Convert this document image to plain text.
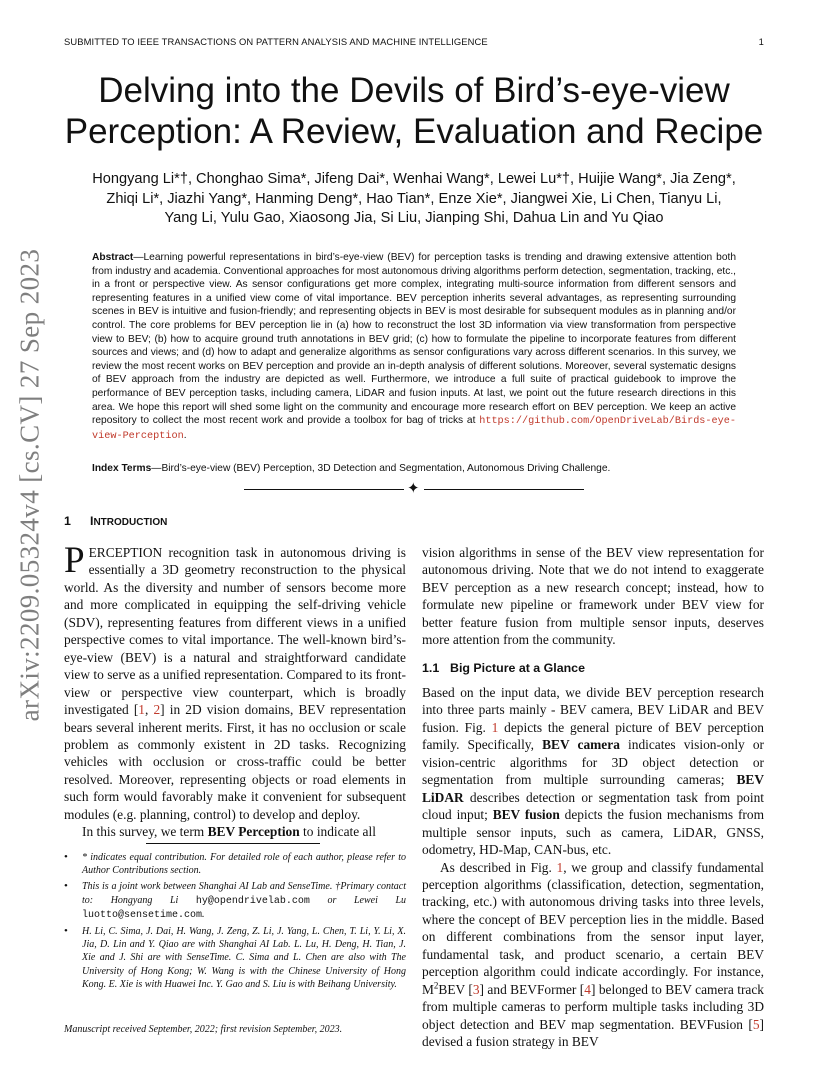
SUBMITTED TO IEEE TRANSACTIONS ON PATTERN ANALYSIS AND MACHINE INTELLIGENCE	1
arXiv:2209.05324v4 [cs.CV] 27 Sep 2023
Delving into the Devils of Bird’s-eye-view
Perception: A Review, Evaluation and Recipe
Hongyang Li*†, Chonghao Sima*, Jifeng Dai*, Wenhai Wang*, Lewei Lu*†, Huijie Wang*, Jia Zeng*,
Zhiqi Li*, Jiazhi Yang*, Hanming Deng*, Hao Tian*, Enze Xie*, Jiangwei Xie, Li Chen, Tianyu Li,
Yang Li, Yulu Gao, Xiaosong Jia, Si Liu, Jianping Shi, Dahua Lin and Yu Qiao
Abstract—Learning powerful representations in bird’s-eye-view (BEV) for perception tasks is trending and drawing extensive attention both from industry and academia. Conventional approaches for most autonomous driving algorithms perform detection, segmentation, tracking, etc., in a front or perspective view. As sensor configurations get more complex, integrating multi-source information from different sensors and representing features in a unified view come of vital importance. BEV perception inherits several advantages, as representing surrounding scenes in BEV is intuitive and fusion-friendly; and representing objects in BEV is most desirable for subsequent modules as in planning and/or control. The core problems for BEV perception lie in (a) how to reconstruct the lost 3D information via view transformation from perspective view to BEV; (b) how to acquire ground truth annotations in BEV grid; (c) how to formulate the pipeline to incorporate features from different sources and views; and (d) how to adapt and generalize algorithms as sensor configurations vary across different scenarios. In this survey, we review the most recent works on BEV perception and provide an in-depth analysis of different solutions. Moreover, several systematic designs of BEV approach from the industry are depicted as well. Furthermore, we introduce a full suite of practical guidebook to improve the performance of BEV perception tasks, including camera, LiDAR and fusion inputs. At last, we point out the future research directions in this area. We hope this report will shed some light on the community and encourage more research effort on BEV perception. We keep an active repository to collect the most recent work and provide a toolbox for bag of tricks at https://github.com/OpenDriveLab/Birds-eye-view-Perception.
Index Terms—Bird’s-eye-view (BEV) Perception, 3D Detection and Segmentation, Autonomous Driving Challenge.
✦
1 INTRODUCTION

PERCEPTION recognition task in autonomous driving is essentially a 3D geometry reconstruction to the physical world. As the diversity and number of sensors become more and more complicated in equipping the self-driving vehicle (SDV), representing features from different views in a unified perspective comes to vital importance. The well-known bird’s-eye-view (BEV) is a natural and straightforward candidate view to serve as a unified representation. Compared to its front-view or perspective view counterpart, which is broadly investigated [1, 2] in 2D vision domains, BEV representation bears several inherent merits. First, it has no occlusion or scale problem as commonly existent in 2D tasks. Recognizing vehicles with occlusion or cross-traffic could be better resolved. Moreover, representing objects or road elements in such form would favorably make it convenient for subsequent modules (e.g. planning, control) to develop and deploy.

In this survey, we term BEV Perception to indicate all

vision algorithms in sense of the BEV view representation for autonomous driving. Note that we do not intend to exaggerate BEV perception as a new research concept; instead, how to formulate new pipeline or framework under BEV view for better feature fusion from multiple sensor inputs, deserves more attention from the community.

1.1 Big Picture at a Glance

Based on the input data, we divide BEV perception research into three parts mainly - BEV camera, BEV LiDAR and BEV fusion. Fig. 1 depicts the general picture of BEV perception family. Specifically, BEV camera indicates vision-only or vision-centric algorithms for 3D object detection or segmentation from multiple surrounding cameras; BEV LiDAR describes detection or segmentation task from point cloud input; BEV fusion depicts the fusion mechanisms from multiple sensor inputs, such as camera, LiDAR, GNSS, odometry, HD-Map, CAN-bus, etc.

As described in Fig. 1, we group and classify fundamental perception algorithms (classification, detection, segmentation, tracking, etc.) with autonomous driving tasks into three levels, where the concept of BEV perception lies in the middle. Based on different combinations from the sensor input layer, fundamental task, and product scenario, a certain BEV perception algorithm could indicate accordingly. For instance, $M^2BEV$ [3] and BEVFormer [4] belonged to BEV camera track from multiple cameras to perform multiple tasks including 3D object detection and BEV map segmentation. BEVFusion [5] devised a fusion strategy in BEV

• * indicates equal contribution. For detailed role of each author, please refer to Author Contributions section.
• This is a joint work between Shanghai AI Lab and SenseTime. †Primary contact to: Hongyang Li hy@opendrivelab.com or Lewei Lu luotto@sensetime.com.
• H. Li, C. Sima, J. Dai, H. Wang, J. Zeng, Z. Li, J. Yang, L. Chen, T. Li, Y. Li, X. Jia, D. Lin and Y. Qiao are with Shanghai AI Lab. L. Lu, H. Deng, H. Tian, J. Xie and J. Shi are with SenseTime. C. Sima and L. Chen are also with The University of Hong Kong; W. Wang is with the Chinese University of Hong Kong. E. Xie is with Huawei Inc. Y. Gao and S. Liu is with Beihang University.
Manuscript received September, 2022; first revision September, 2023.
